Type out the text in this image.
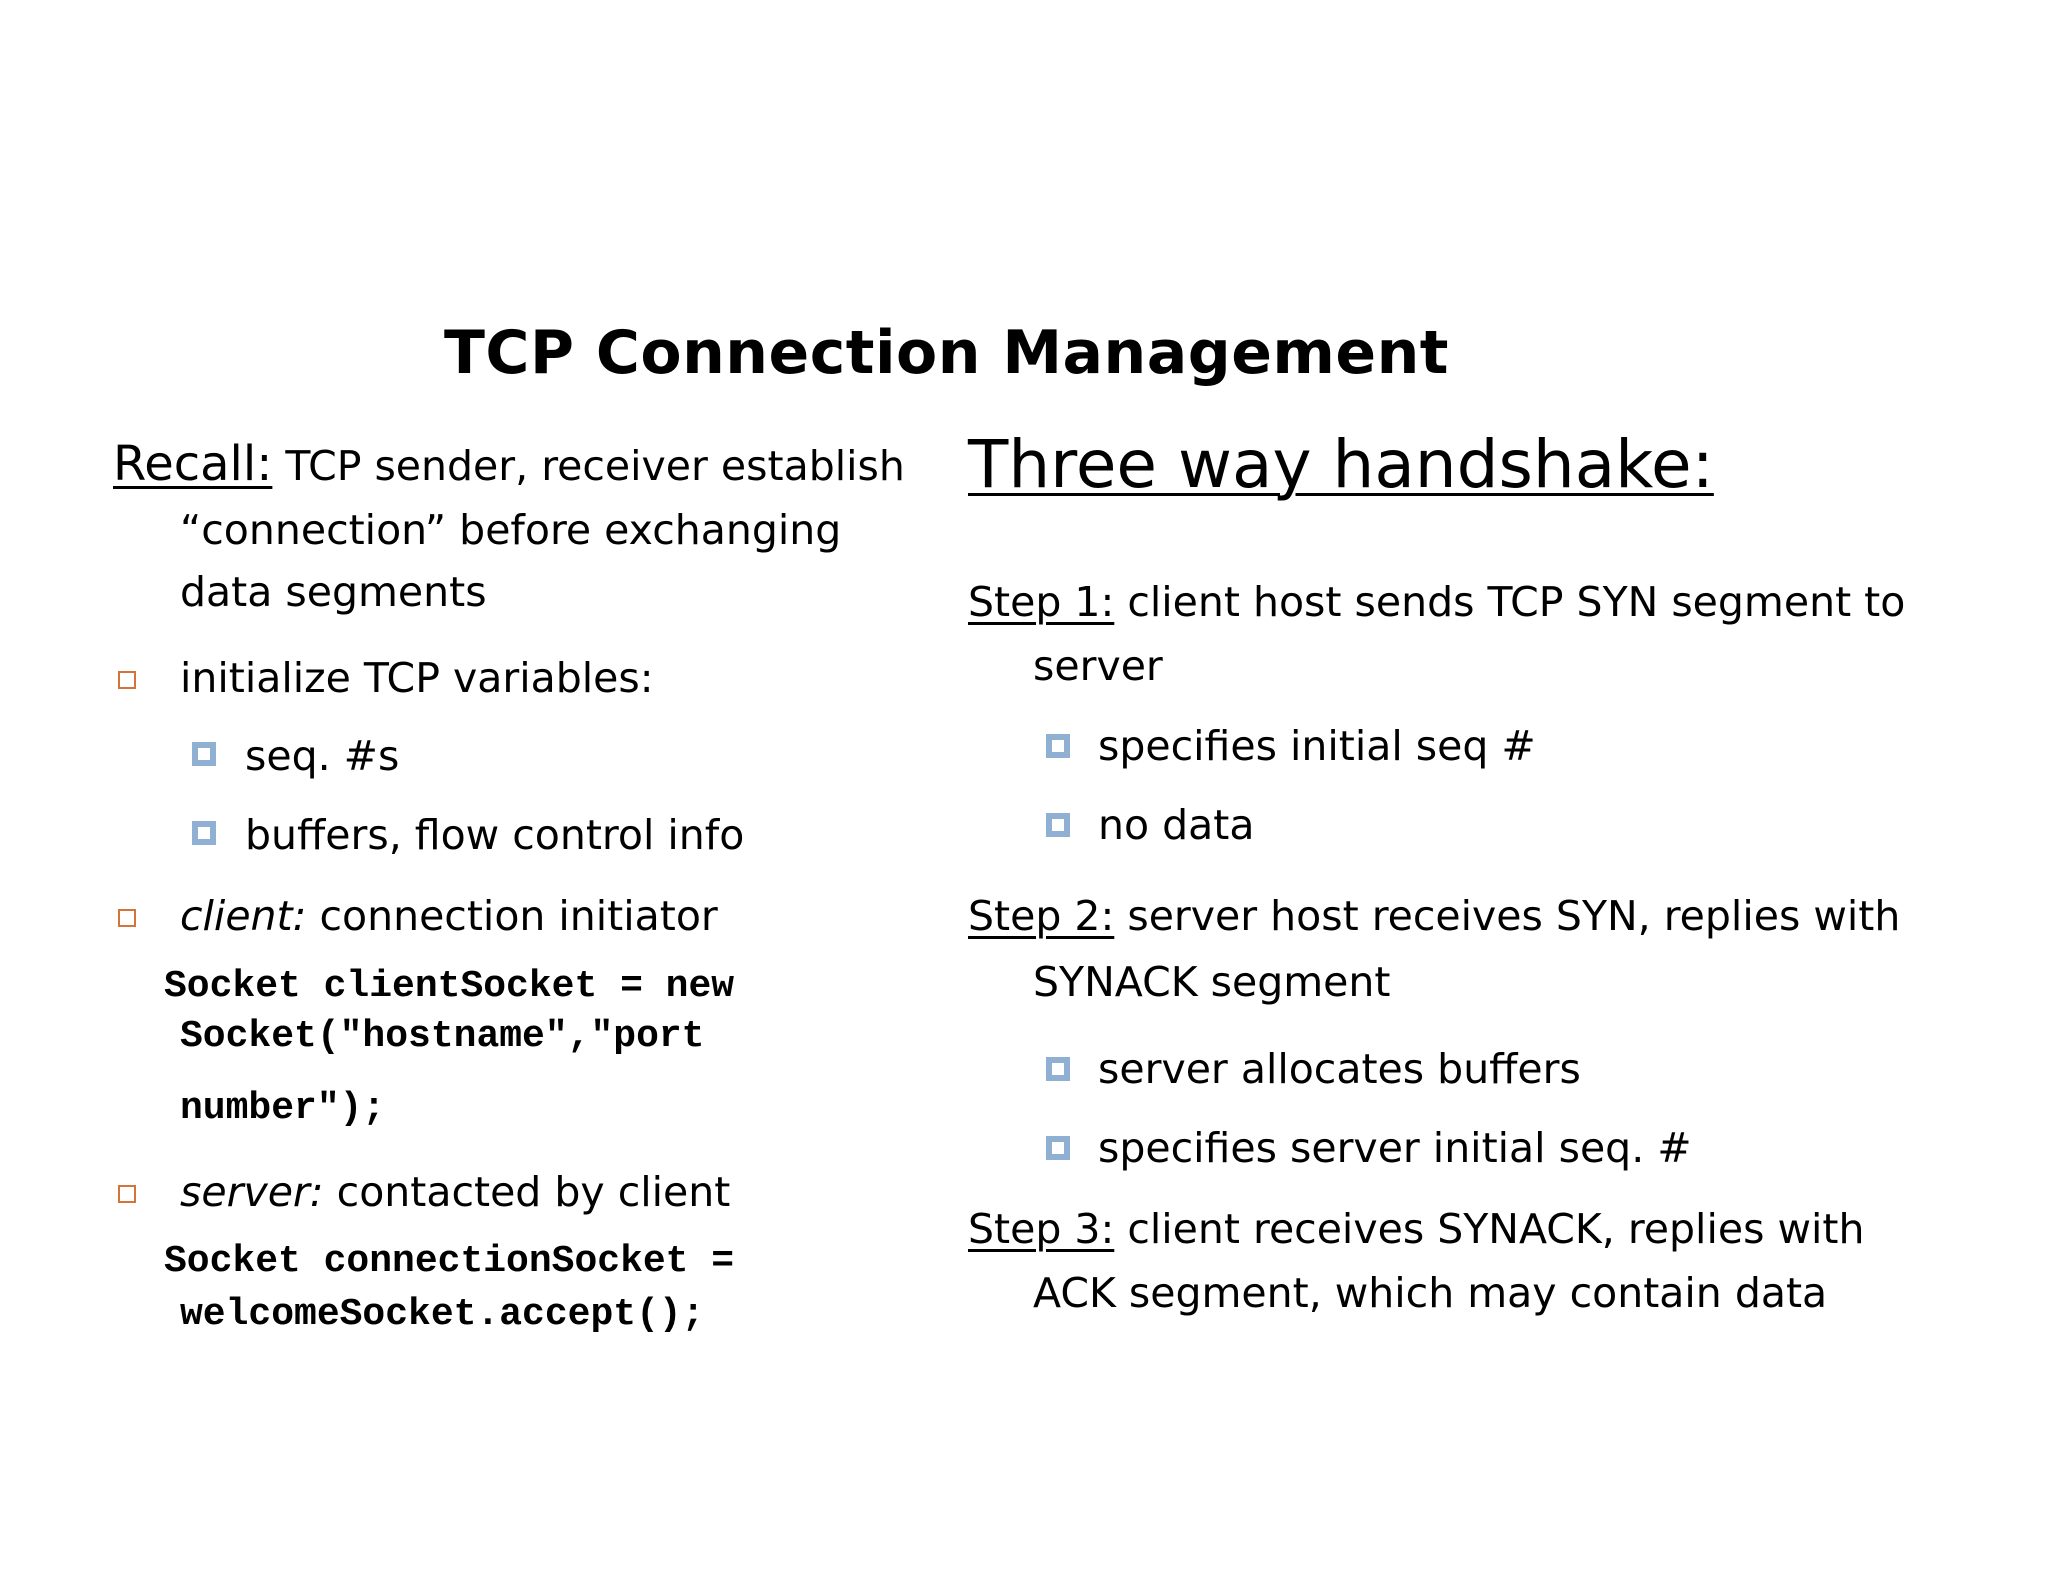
TCP Connection Management
Recall: TCP sender, receiver establish
“connection” before exchanging
data segments
initialize TCP variables:
seq. #s
buffers, flow control info
client: connection initiator
Socket clientSocket = new
Socket("hostname","port
number");
server: contacted by client
Socket connectionSocket =
welcomeSocket.accept();
Three way handshake:
Step 1: client host sends TCP SYN segment to
server
specifies initial seq #
no data
Step 2: server host receives SYN, replies with
SYNACK segment
server allocates buffers
specifies server initial seq. #
Step 3: client receives SYNACK, replies with
ACK segment, which may contain data
